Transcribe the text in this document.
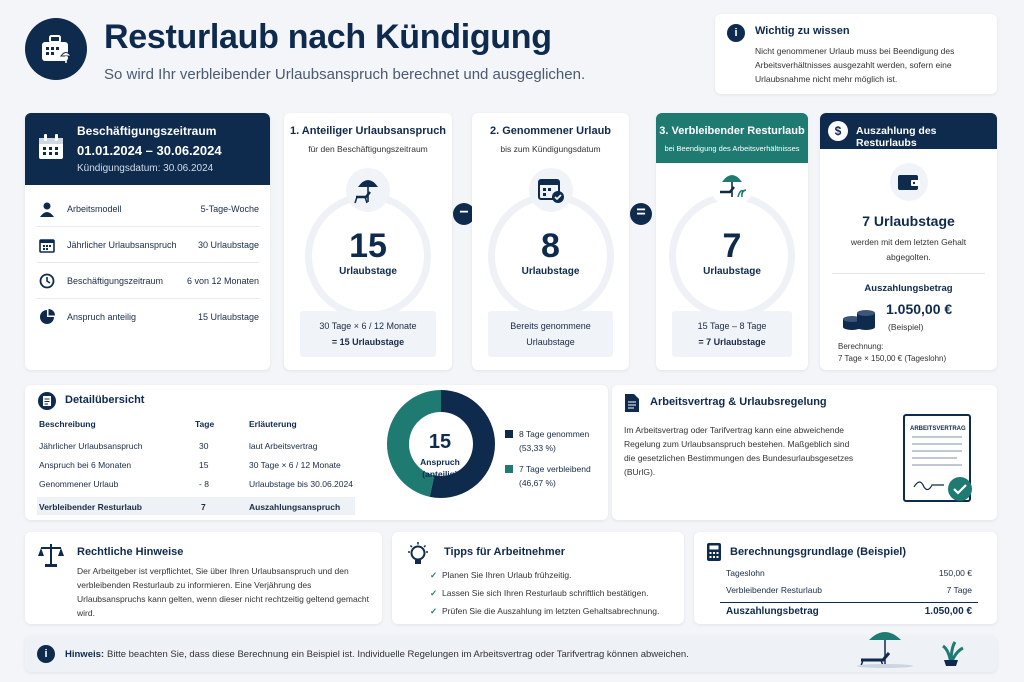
Resturlaub nach Kündigung
So wird Ihr verbleibender Urlaubsanspruch berechnet und ausgeglichen.
i	Wichtig zu wissen
Nicht genommener Urlaub muss bei Beendigung des Arbeitsverhältnisses ausgezahlt werden, sofern eine Urlaubsnahme nicht mehr möglich ist.
Beschäftigungszeitraum
01.01.2024 – 30.06.2024
Kündigungsdatum: 30.06.2024
Arbeitsmodell	5-Tage-Woche
Jährlicher Urlaubsanspruch 30 Urlaubstage
Beschäftigungszeitraum	6 von 12 Monaten
Anspruch anteilig	15 Urlaubstage
1. Anteiliger Urlaubsanspruch
für den Beschäftigungszeitraum
15
Urlaubstage
30 Tage × 6 / 12 Monate
= 15 Urlaubstage
−
2. Genommener Urlaub
bis zum Kündigungsdatum
8
Urlaubstage
Bereits genommene
Urlaubstage
=
3. Verbleibender Resturlaub
bei Beendigung des Arbeitsverhältnisses
7
Urlaubstage
15 Tage – 8 Tage
= 7 Urlaubstage
$	Auszahlung des Resturlaubs
7 Urlaubstage
werden mit dem letzten Gehalt abgegolten.
Auszahlungsbetrag
1.050,00 €
(Beispiel)
Berechnung:
7 Tage × 150,00 € (Tageslohn)
Detailübersicht
Beschreibung	Tage	Erläuterung
Jährlicher Urlaubsanspruch	30	laut Arbeitsvertrag
Anspruch bei 6 Monaten	15	30 Tage × 6 / 12 Monate
Genommener Urlaub	- 8	Urlaubstage bis 30.06.2024
Verbleibender Resturlaub	7	Auszahlungsanspruch
15
Anspruch
(anteilig)
8 Tage genommen
(53,33 %)
7 Tage verbleibend
(46,67 %)
Arbeitsvertrag & Urlaubsregelung
Im Arbeitsvertrag oder Tarifvertrag kann eine abweichende Regelung zum Urlaubsanspruch bestehen. Maßgeblich sind die gesetzlichen Bestimmungen des Bundesurlaubsgesetzes (BUrlG).
ARBEITSVERTRAG
Rechtliche Hinweise
Der Arbeitgeber ist verpflichtet, Sie über Ihren Urlaubsanspruch und den verbleibenden Resturlaub zu informieren. Eine Verjährung des Urlaubsanspruchs kann gelten, wenn dieser nicht rechtzeitig geltend gemacht wird.
Tipps für Arbeitnehmer
✓ Planen Sie Ihren Urlaub frühzeitig.
✓ Lassen Sie sich Ihren Resturlaub schriftlich bestätigen.
✓ Prüfen Sie die Auszahlung im letzten Gehaltsabrechnung.
Berechnungsgrundlage (Beispiel)
Tageslohn	150,00 €
Verbleibender Resturlaub	7 Tage
Auszahlungsbetrag	1.050,00 €
i	Hinweis: Bitte beachten Sie, dass diese Berechnung ein Beispiel ist. Individuelle Regelungen im Arbeitsvertrag oder Tarifvertrag können abweichen.
